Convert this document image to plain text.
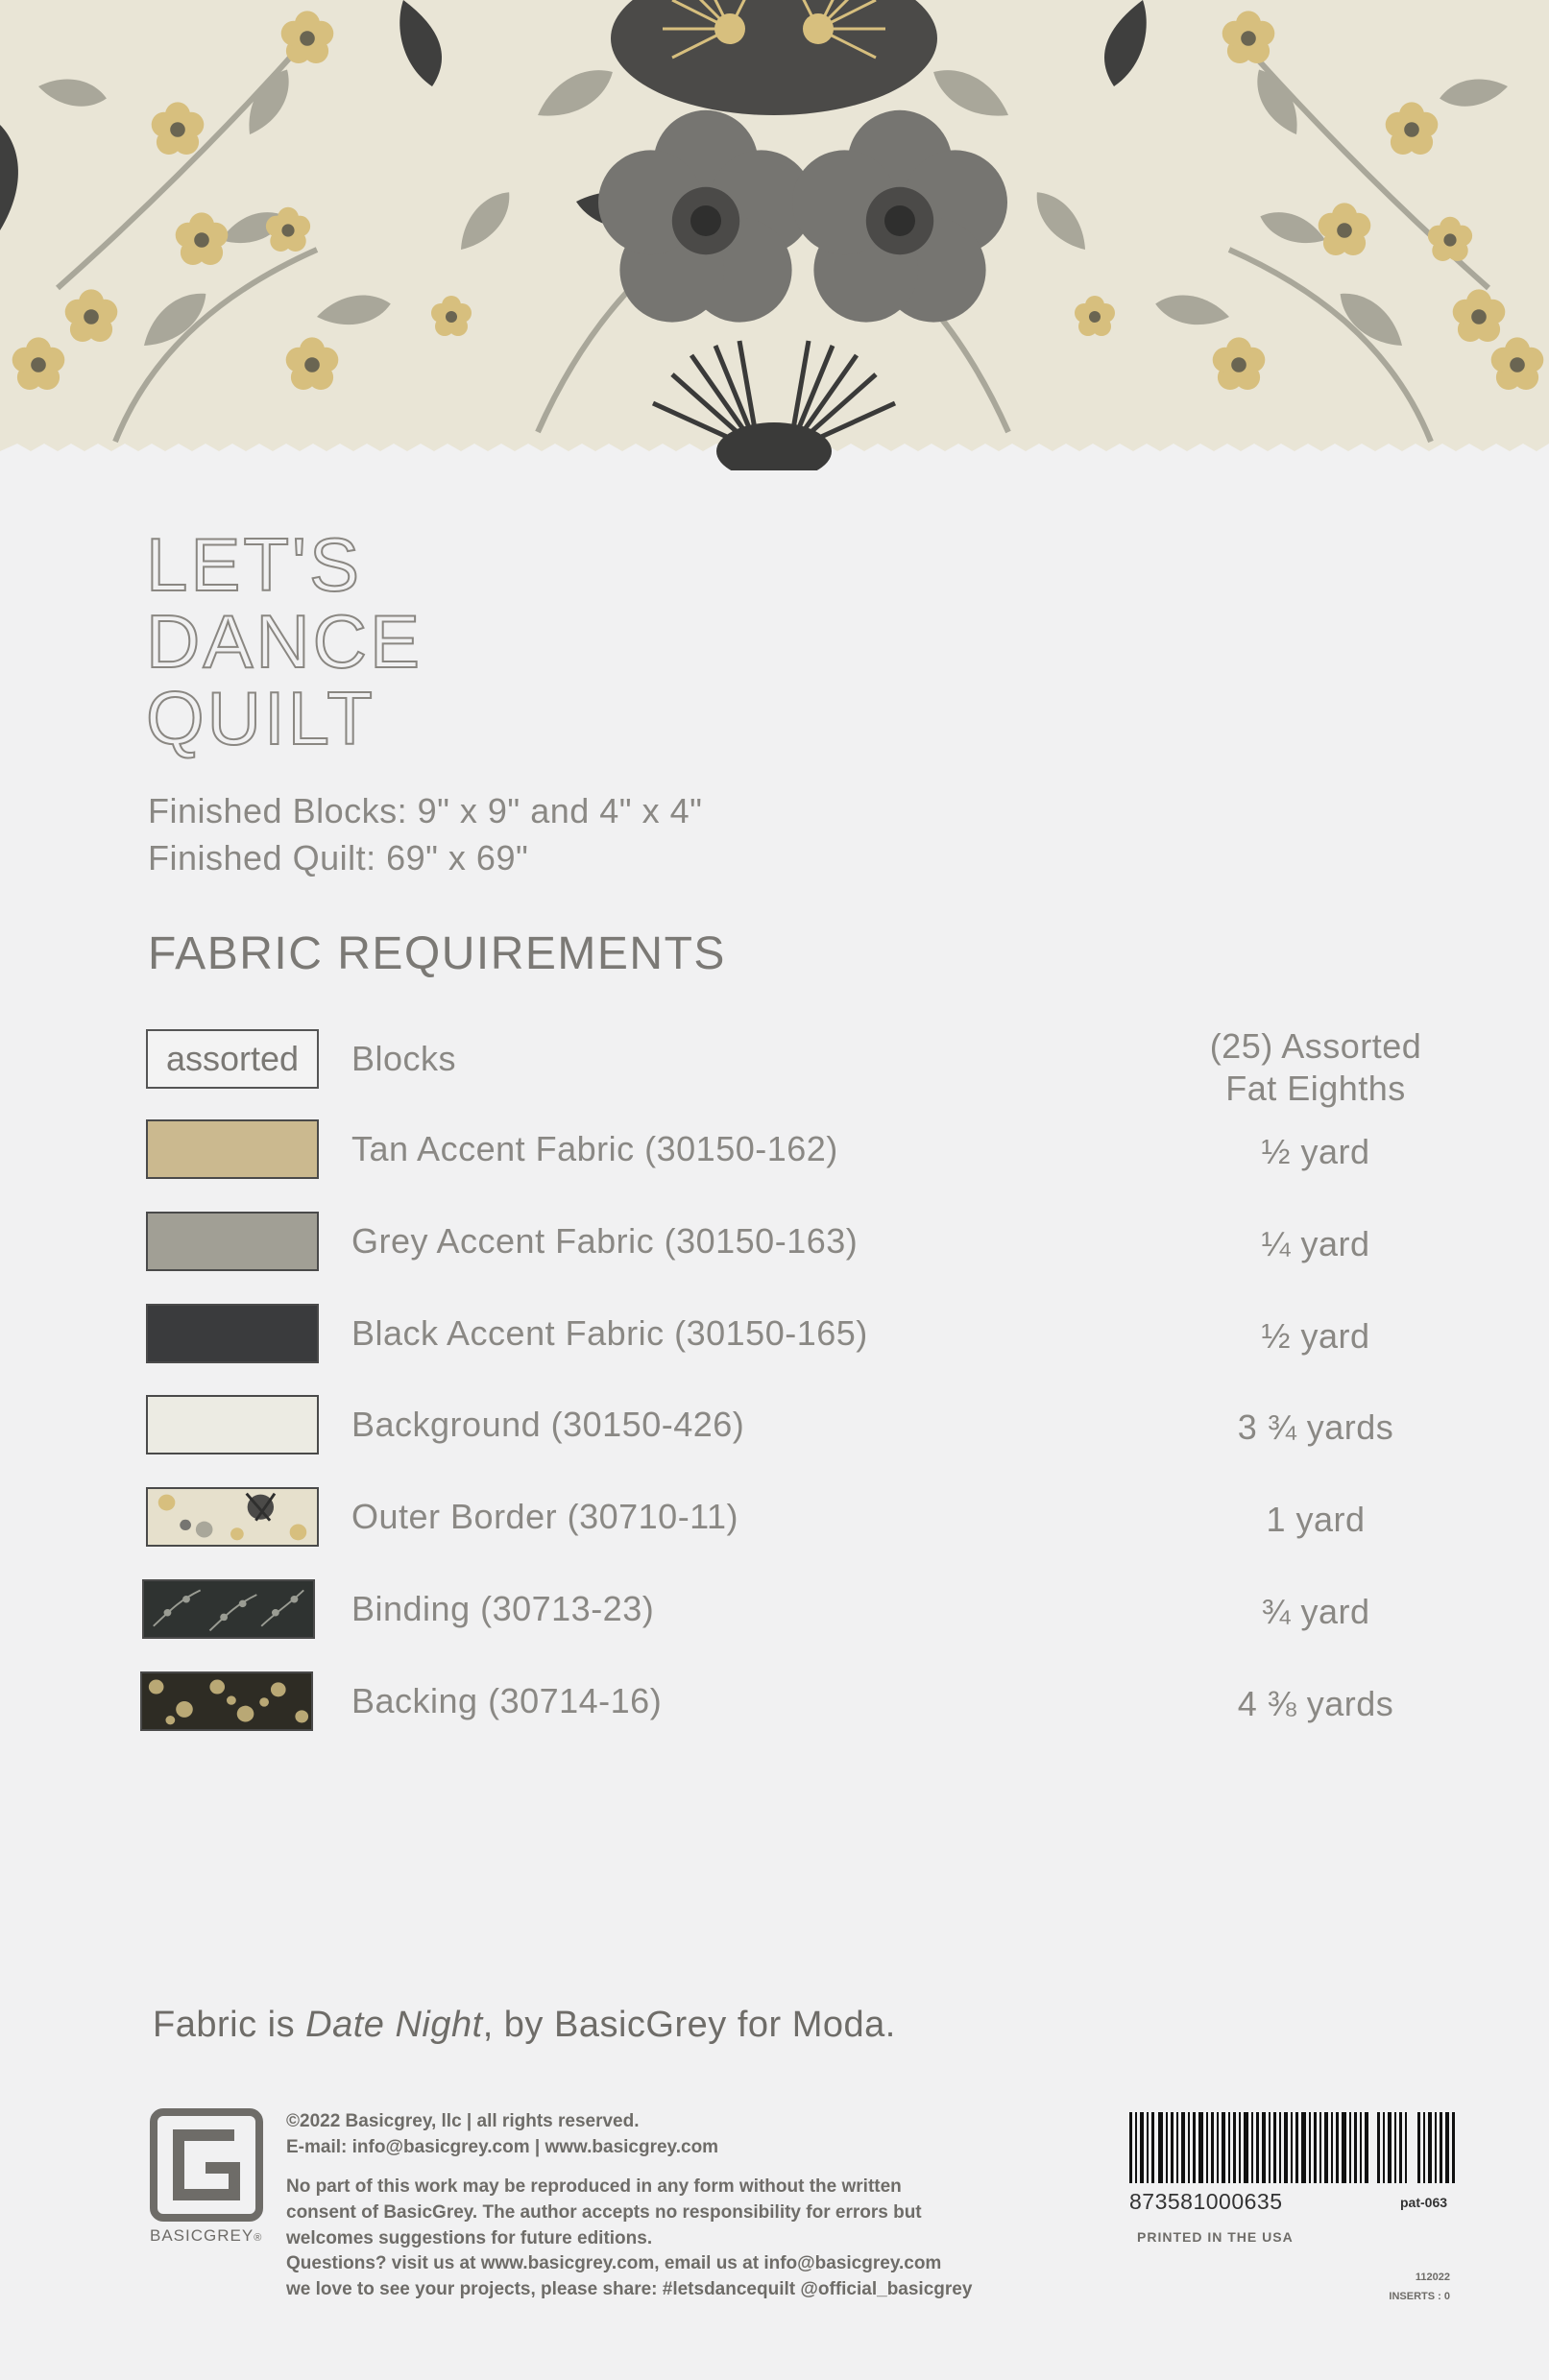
LET'S
DANCE
QUILT
Finished Blocks: 9" x 9" and 4" x 4"
Finished Quilt: 69" x 69"
FABRIC REQUIREMENTS
assorted	Blocks	(25) Assorted
Fat Eighths
Tan Accent Fabric (30150-162)	½ yard
Grey Accent Fabric (30150-163)	¼ yard
Black Accent Fabric (30150-165)	½ yard
Background (30150-426)	3 ¾ yards
Outer Border (30710-11)	1 yard
Binding (30713-23)	¾ yard
Backing (30714-16)	4 ⅜ yards
Fabric is Date Night, by BasicGrey for Moda.
BASICGREY®
©2022 Basicgrey, llc | all rights reserved.
E-mail: info@basicgrey.com | www.basicgrey.com
No part of this work may be reproduced in any form without the written
consent of BasicGrey. The author accepts no responsibility for errors but
welcomes suggestions for future editions.
Questions? visit us at www.basicgrey.com, email us at info@basicgrey.com
we love to see your projects, please share: #letsdancequilt @official_basicgrey
873581000635	pat-063
PRINTED IN THE USA
112022
INSERTS : 0
